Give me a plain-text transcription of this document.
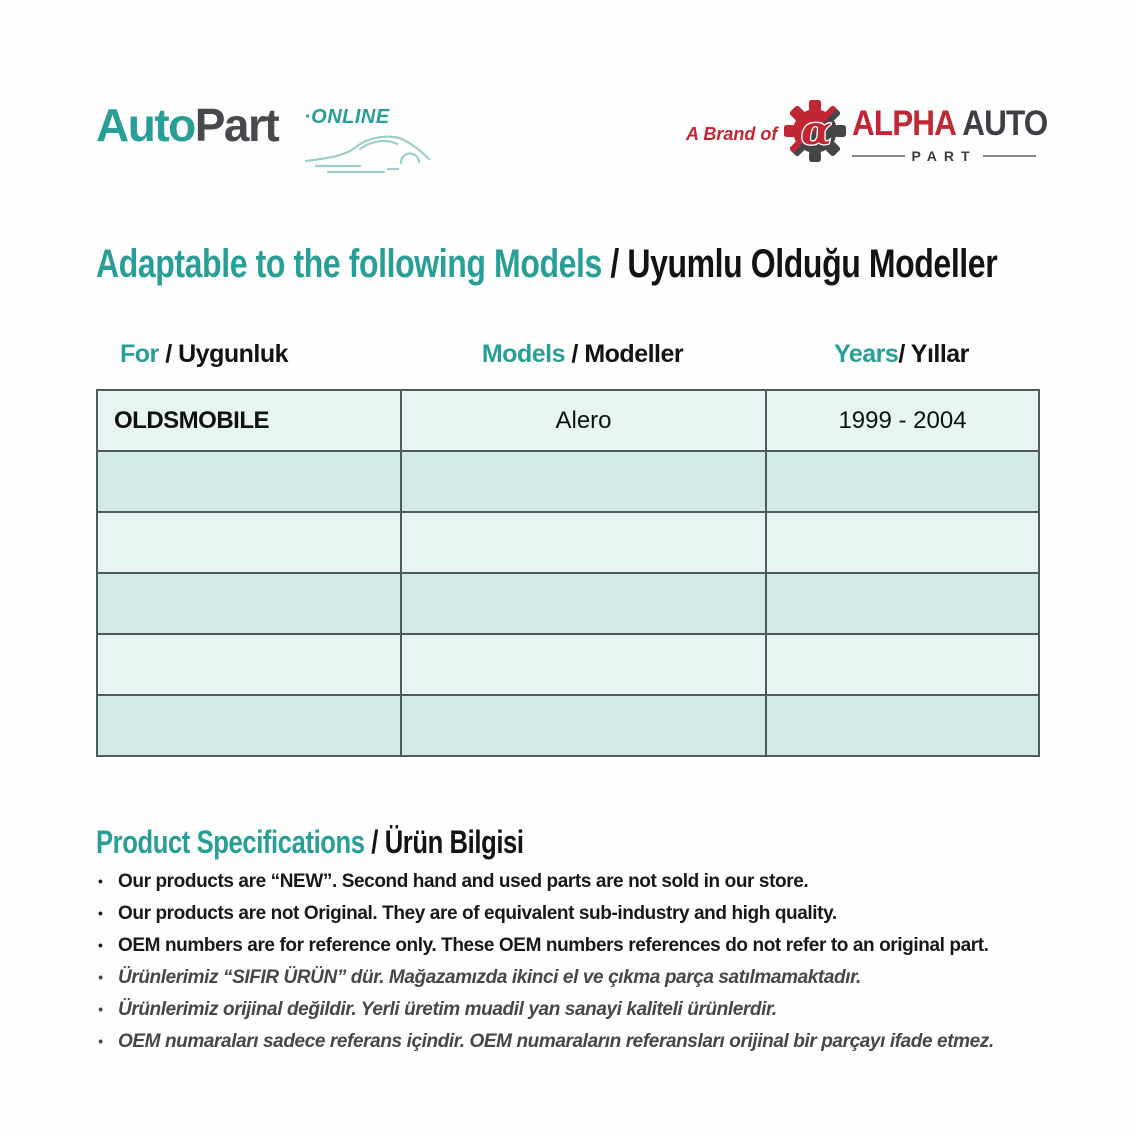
AutoPart	·ONLINE
A Brand of α ALPHA AUTO
PART
Adaptable to the following Models / Uyumlu Olduğu Modeller
For / Uygunluk	Models / Modeller	Years/ Yıllar
OLDSMOBILE	Alero	1999 - 2004

Product Specifications / Ürün Bilgisi
• Our products are “NEW”. Second hand and used parts are not sold in our store.
• Our products are not Original. They are of equivalent sub-industry and high quality.
• OEM numbers are for reference only. These OEM numbers references do not refer to an original part.
• Ürünlerimiz “SIFIR ÜRÜN” dür. Mağazamızda ikinci el ve çıkma parça satılmamaktadır.
• Ürünlerimiz orijinal değildir. Yerli üretim muadil yan sanayi kaliteli ürünlerdir.
• OEM numaraları sadece referans içindir. OEM numaraların referansları orijinal bir parçayı ifade etmez.
